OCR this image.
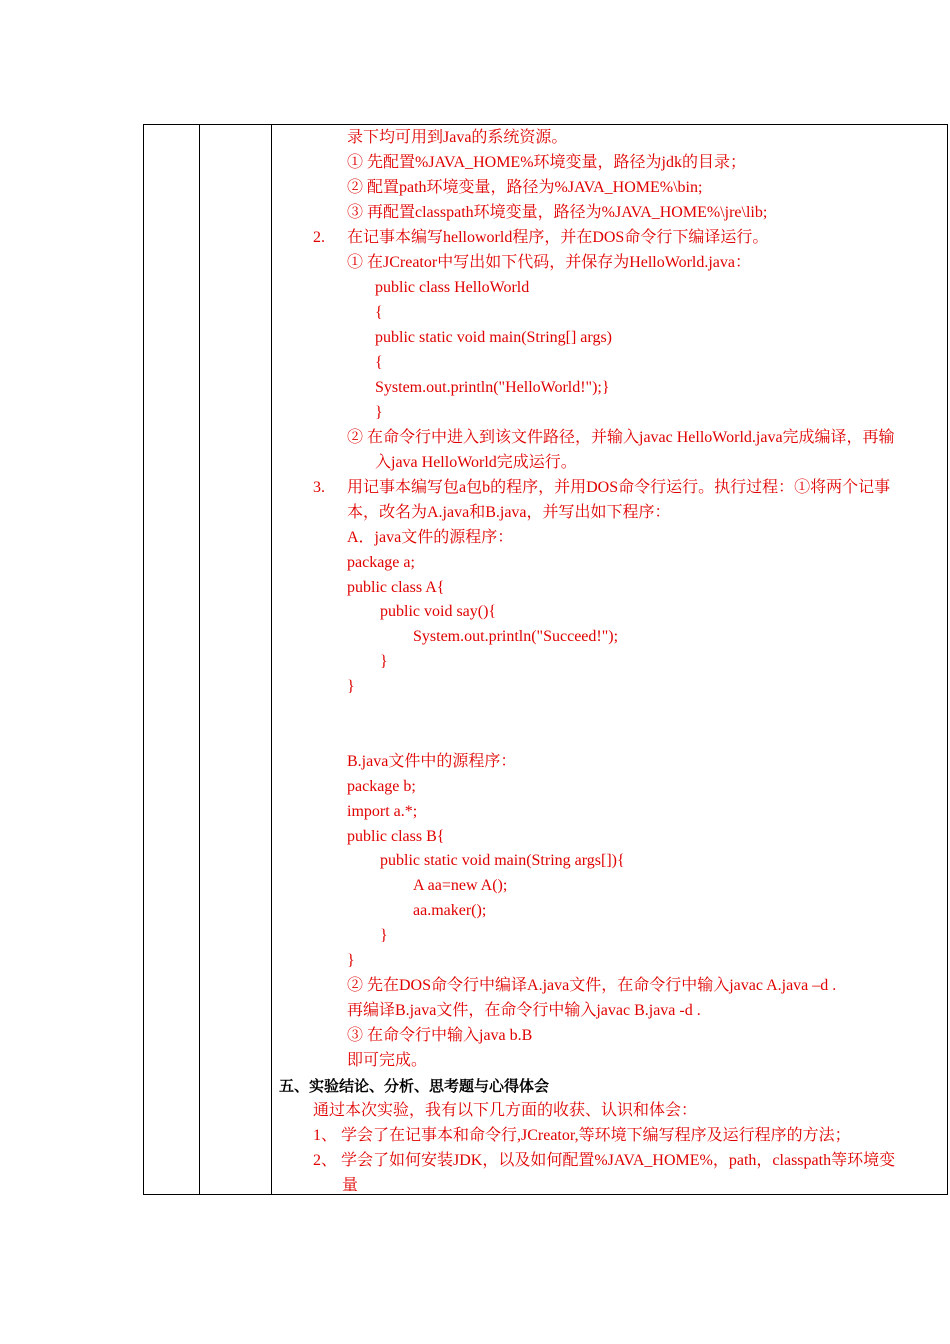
录下均可用到Java的系统资源。
① 先配置%JAVA_HOME%环境变量，路径为jdk的目录；
② 配置path环境变量，路径为%JAVA_HOME%\bin;
③ 再配置classpath环境变量，路径为%JAVA_HOME%\jre\lib;
2. 在记事本编写helloworld程序，并在DOS命令行下编译运行。
① 在JCreator中写出如下代码，并保存为HelloWorld.java：
public class HelloWorld
{
public static void main(String[] args)
{
System.out.println("HelloWorld!");}
}
② 在命令行中进入到该文件路径，并输入javac HelloWorld.java完成编译，再输
入java HelloWorld完成运行。
3. 用记事本编写包a包b的程序，并用DOS命令行运行。执行过程：①将两个记事
本，改名为A.java和B.java，并写出如下程序：
A．java文件的源程序：
package a;
public class A{
public void say(){
System.out.println("Succeed!");
}
}
B.java文件中的源程序：
package b;
import a.*;
public class B{
public static void main(String args[]){
A aa=new A();
aa.maker();
}
}
② 先在DOS命令行中编译A.java文件，在命令行中输入javac A.java –d .
再编译B.java文件，在命令行中输入javac B.java -d .
③ 在命令行中输入java b.B
即可完成。
五、实验结论、分析、思考题与心得体会
通过本次实验，我有以下几方面的收获、认识和体会：
1、 学会了在记事本和命令行,JCreator,等环境下编写程序及运行程序的方法；
2、 学会了如何安装JDK，以及如何配置%JAVA_HOME%，path，classpath等环境变
量
